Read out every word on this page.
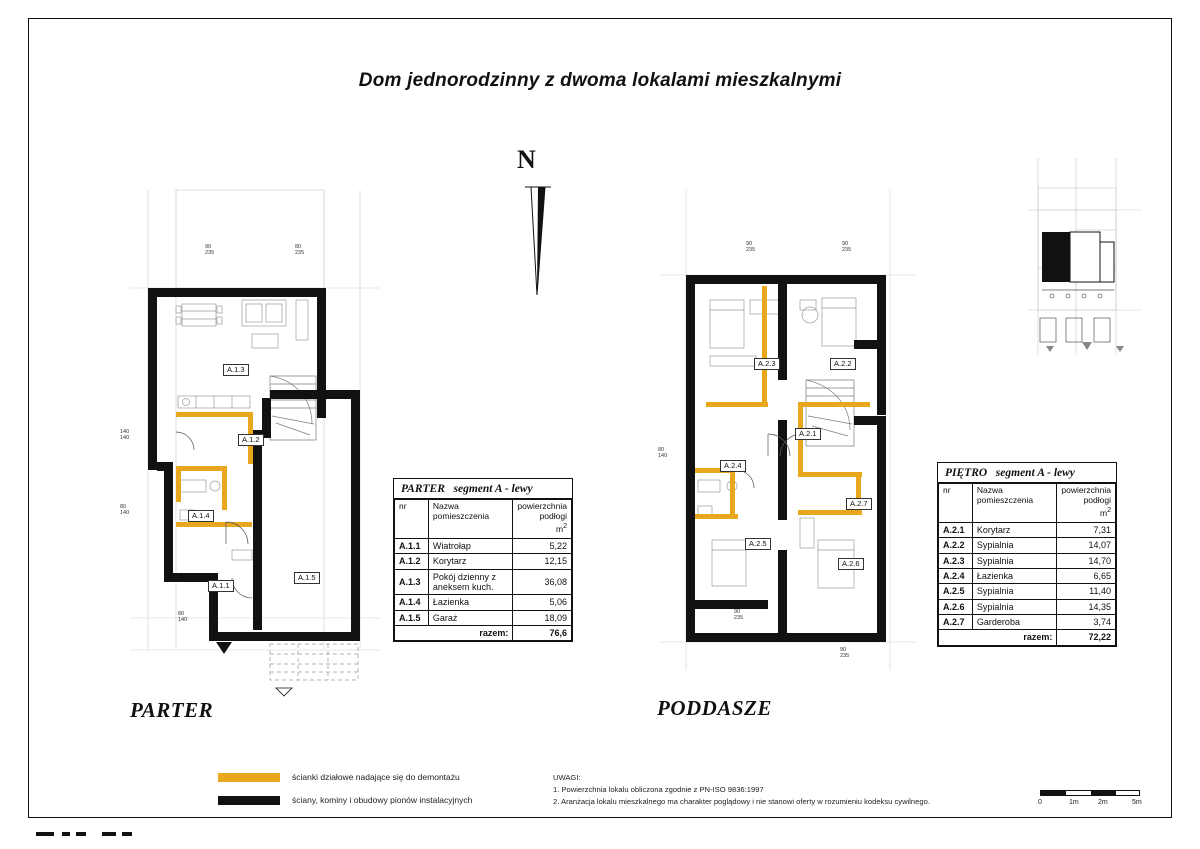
Dom jednorodzinny z dwoma lokalami mieszkalnymi
N
A.1.3
A.1.2
A.1.4
A.1.1
A.1.5
90
235
80
235
140
140
80
140
80
140
PARTER
A.2.3	A.2.2
A.2.1
A.2.4
A.2.5
A.2.7
A.2.6
90
235
90
235
80
140
90
235
90
235
PODDASZE
PARTER segment A - lewy
nr	Nazwa
pomieszczenia	powierzchnia
podłogi
$m^2$
A.1.1	Wiatrołap	5,22
A.1.2	Korytarz	12,15
A.1.3	Pokój dzienny z aneksem kuch.	36,08
A.1.4	Łazienka	5,06
A.1.5	Garaż	18,09
razem:		76,6
PIĘTRO segment A - lewy
nr	Nazwa
pomieszczenia	powierzchnia
podłogi
$m^2$
A.2.1	Korytarz	7,31
A.2.2	Sypialnia	14,07
A.2.3	Sypialnia	14,70
A.2.4	Łazienka	6,65
A.2.5	Sypialnia	11,40
A.2.6	Sypialnia	14,35
A.2.7	Garderoba	3,74
razem:		72,22
ścianki działowe nadające się do demontażu
ściany, kominy i obudowy pionów instalacyjnych
UWAGI:
1. Powierzchnia lokalu obliczona zgodnie z PN-ISO 9836:1997
2. Aranżacja lokalu mieszkalnego ma charakter poglądowy i nie stanowi oferty w rozumieniu kodeksu cywilnego.	0	1m	2m	5m
